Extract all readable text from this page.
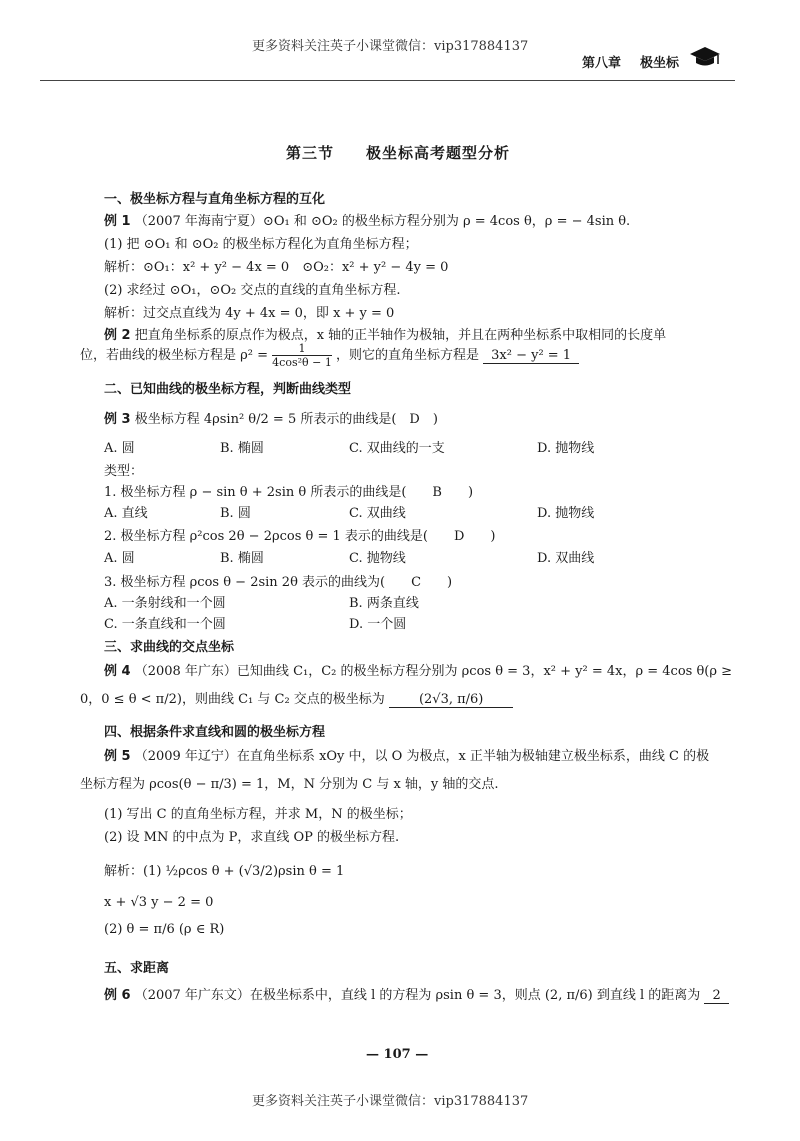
更多资料关注英子小课堂微信：vip317884137
第八章 极坐标
第三节　　极坐标高考题型分析
一、极坐标方程与直角坐标方程的互化
例 1 （2007 年海南宁夏）⊙O₁ 和 ⊙O₂ 的极坐标方程分别为 ρ = 4cos θ，ρ = − 4sin θ.
(1) 把 ⊙O₁ 和 ⊙O₂ 的极坐标方程化为直角坐标方程；
解析：⊙O₁：x² + y² − 4x = 0　⊙O₂：x² + y² − 4y = 0
(2) 求经过 ⊙O₁，⊙O₂ 交点的直线的直角坐标方程.
解析：过交点直线为 4y + 4x = 0，即 x + y = 0
例 2 把直角坐标系的原点作为极点，x 轴的正半轴作为极轴，并且在两种坐标系中取相同的长度单
位，若曲线的极坐标方程是 $\rho^2 = \frac{1}{\text{4cos²θ − 1}}$ ，则它的直角坐标方程是 3x² − y² = 1
二、已知曲线的极坐标方程，判断曲线类型
例 3 极坐标方程 4ρsin² θ/2 = 5 所表示的曲线是(　D　)
A. 圆	B. 椭圆	C. 双曲线的一支	D. 抛物线
类型：
1. 极坐标方程 ρ − sin θ + 2sin θ 所表示的曲线是(　　B　　)
A. 直线	B. 圆	C. 双曲线	D. 抛物线
2. 极坐标方程 ρ²cos 2θ − 2ρcos θ = 1 表示的曲线是(　　D　　)
A. 圆	B. 椭圆	C. 抛物线	D. 双曲线
3. 极坐标方程 ρcos θ − 2sin 2θ 表示的曲线为(　　C　　)
A. 一条射线和一个圆	B. 两条直线
C. 一条直线和一个圆	D. 一个圆
三、求曲线的交点坐标
例 4 （2008 年广东）已知曲线 C₁，C₂ 的极坐标方程分别为 ρcos θ = 3，x² + y² = 4x，ρ = 4cos θ(ρ ≥
0，0 ≤ θ < π/2)，则曲线 C₁ 与 C₂ 交点的极坐标为	(2√3, π/6)
四、根据条件求直线和圆的极坐标方程
例 5 （2009 年辽宁）在直角坐标系 xOy 中，以 O 为极点，x 正半轴为极轴建立极坐标系，曲线 C 的极
坐标方程为 ρcos(θ − π/3) = 1，M，N 分别为 C 与 x 轴，y 轴的交点.
(1) 写出 C 的直角坐标方程，并求 M，N 的极坐标；
(2) 设 MN 的中点为 P，求直线 OP 的极坐标方程.
解析：(1) ½ρcos θ + (√3/2)ρsin θ = 1
x + √3 y − 2 = 0
(2) θ = π/6 (ρ ∈ R)
五、求距离
例 6 （2007 年广东文）在极坐标系中，直线 l 的方程为 ρsin θ = 3，则点 (2, π/6) 到直线 l 的距离为 2
— 107 —
更多资料关注英子小课堂微信：vip317884137
